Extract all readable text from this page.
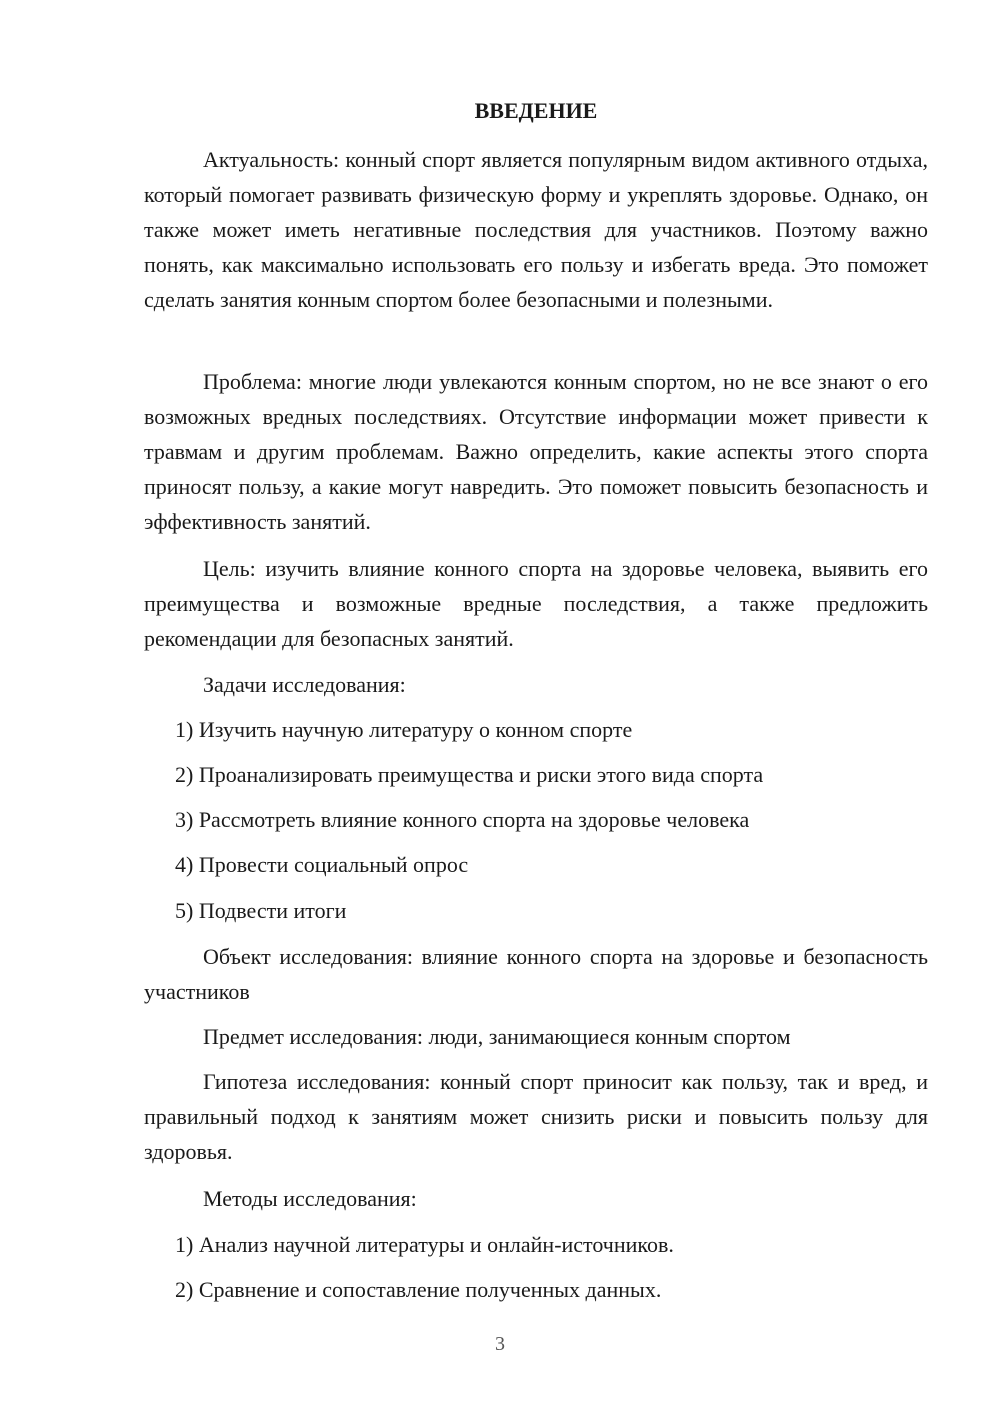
ВВЕДЕНИЕ

Актуальность: конный спорт является популярным видом активного отдыха, который помогает развивать физическую форму и укреплять здоровье. Однако, он также может иметь негативные последствия для участников. Поэтому важно понять, как максимально использовать его пользу и избегать вреда. Это поможет сделать занятия конным спортом более безопасными и полезными.

Проблема: многие люди увлекаются конным спортом, но не все знают о его возможных вредных последствиях. Отсутствие информации может привести к травмам и другим проблемам. Важно определить, какие аспекты этого спорта приносят пользу, а какие могут навредить. Это поможет повысить безопасность и эффективность занятий.

Цель: изучить влияние конного спорта на здоровье человека, выявить его преимущества и возможные вредные последствия, а также предложить рекомендации для безопасных занятий.

Задачи исследования:

1) Изучить научную литературу о конном спорте

2) Проанализировать преимущества и риски этого вида спорта

3) Рассмотреть влияние конного спорта на здоровье человека

4) Провести социальный опрос

5) Подвести итоги

Объект исследования: влияние конного спорта на здоровье и безопасность участников

Предмет исследования: люди, занимающиеся конным спортом

Гипотеза исследования: конный спорт приносит как пользу, так и вред, и правильный подход к занятиям может снизить риски и повысить пользу для здоровья.

Методы исследования:

1) Анализ научной литературы и онлайн-источников.

2) Сравнение и сопоставление полученных данных.

3
